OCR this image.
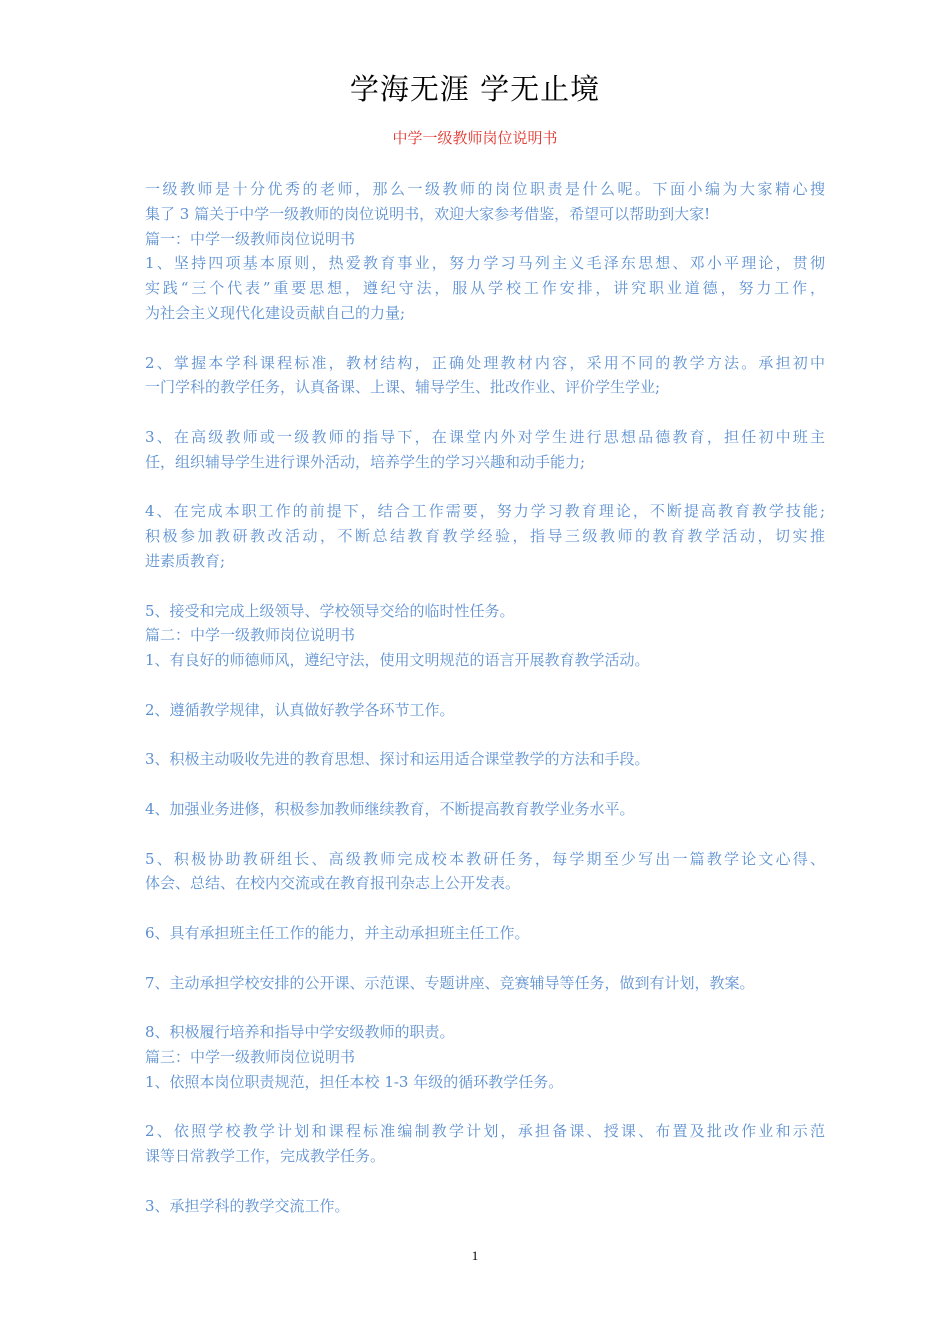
学海无涯 学无止境
中学一级教师岗位说明书

一级教师是十分优秀的老师，那么一级教师的岗位职责是什么呢。下面小编为大家精心搜

集了 3 篇关于中学一级教师的岗位说明书，欢迎大家参考借鉴，希望可以帮助到大家!

篇一：中学一级教师岗位说明书

1、坚持四项基本原则，热爱教育事业，努力学习马列主义毛泽东思想、邓小平理论，贯彻

实践“三个代表”重要思想，遵纪守法，服从学校工作安排，讲究职业道德，努力工作，

为社会主义现代化建设贡献自己的力量;

2、掌握本学科课程标准，教材结构，正确处理教材内容，采用不同的教学方法。承担初中

一门学科的教学任务，认真备课、上课、辅导学生、批改作业、评价学生学业;

3、在高级教师或一级教师的指导下，在课堂内外对学生进行思想品德教育，担任初中班主

任，组织辅导学生进行课外活动，培养学生的学习兴趣和动手能力;

4、在完成本职工作的前提下，结合工作需要，努力学习教育理论，不断提高教育教学技能;

积极参加教研教改活动，不断总结教育教学经验，指导三级教师的教育教学活动，切实推

进素质教育;

5、接受和完成上级领导、学校领导交给的临时性任务。

篇二：中学一级教师岗位说明书

1、有良好的师德师风，遵纪守法，使用文明规范的语言开展教育教学活动。

2、遵循教学规律，认真做好教学各环节工作。

3、积极主动吸收先进的教育思想、探讨和运用适合课堂教学的方法和手段。

4、加强业务进修，积极参加教师继续教育，不断提高教育教学业务水平。

5、积极协助教研组长、高级教师完成校本教研任务，每学期至少写出一篇教学论文心得、

体会、总结、在校内交流或在教育报刊杂志上公开发表。

6、具有承担班主任工作的能力，并主动承担班主任工作。

7、主动承担学校安排的公开课、示范课、专题讲座、竞赛辅导等任务，做到有计划，教案。

8、积极履行培养和指导中学安级教师的职责。

篇三：中学一级教师岗位说明书

1、依照本岗位职责规范，担任本校 1-3 年级的循环教学任务。

2、依照学校教学计划和课程标准编制教学计划，承担备课、授课、布置及批改作业和示范

课等日常教学工作，完成教学任务。

3、承担学科的教学交流工作。

1
